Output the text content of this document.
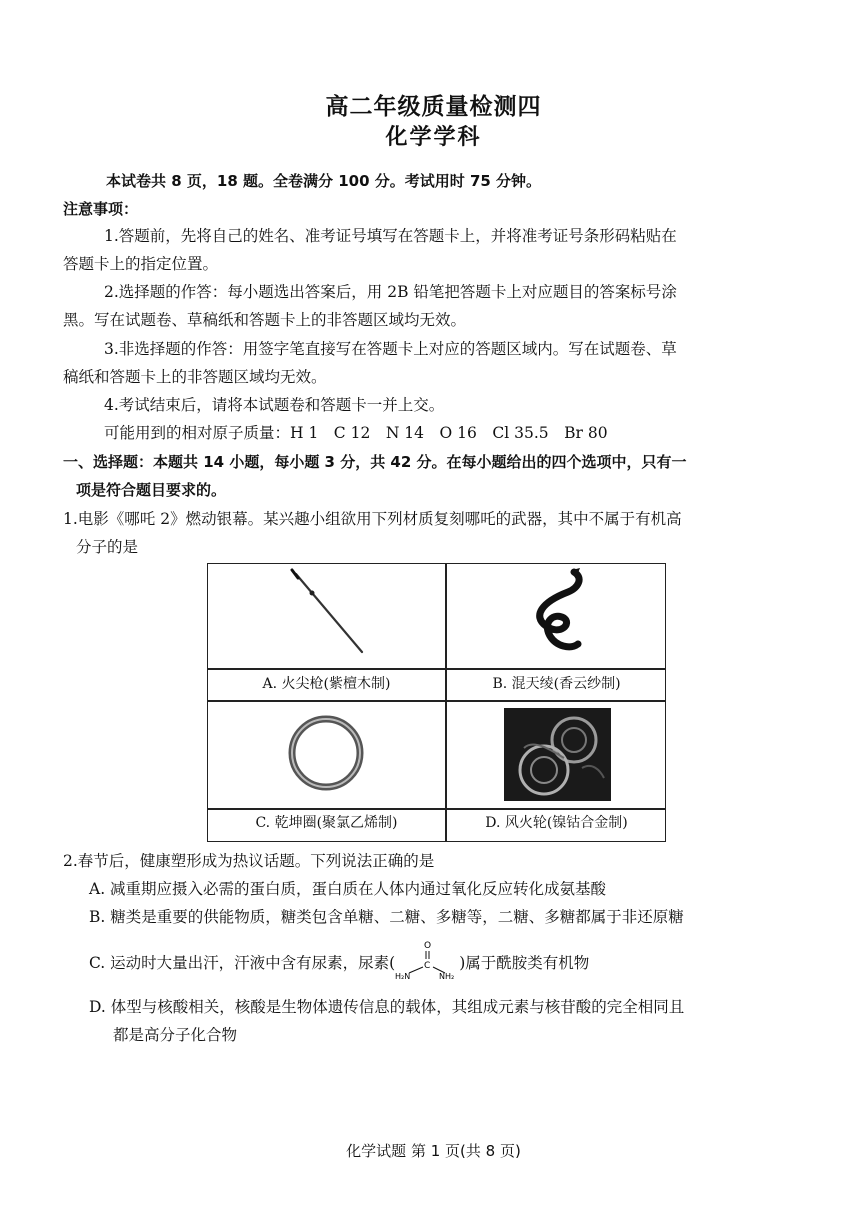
高二年级质量检测四
化学学科
本试卷共 8 页，18 题。全卷满分 100 分。考试用时 75 分钟。
注意事项：
1.答题前，先将自己的姓名、准考证号填写在答题卡上，并将准考证号条形码粘贴在
答题卡上的指定位置。
2.选择题的作答：每小题选出答案后，用 2B 铅笔把答题卡上对应题目的答案标号涂
黑。写在试题卷、草稿纸和答题卡上的非答题区域均无效。
3.非选择题的作答：用签字笔直接写在答题卡上对应的答题区域内。写在试题卷、草
稿纸和答题卡上的非答题区域均无效。
4.考试结束后，请将本试题卷和答题卡一并上交。
可能用到的相对原子质量：H 1　C 12　N 14　O 16　Cl 35.5　Br 80
一、选择题：本题共 14 小题，每小题 3 分，共 42 分。在每小题给出的四个选项中，只有一
项是符合题目要求的。
1.电影《哪吒 2》燃动银幕。某兴趣小组欲用下列材质复刻哪吒的武器，其中不属于有机高
分子的是
A. 火尖枪(紫檀木制)	B. 混天绫(香云纱制)
C. 乾坤圈(聚氯乙烯制)	D. 风火轮(镍钴合金制)
2.春节后，健康塑形成为热议话题。下列说法正确的是
A. 减重期应摄入必需的蛋白质，蛋白质在人体内通过氧化反应转化成氨基酸
B. 糖类是重要的供能物质，糖类包含单糖、二糖、多糖等，二糖、多糖都属于非还原糖
C. 运动时大量出汗，汗液中含有尿素，尿素(
O
C
H₂N	NH₂
)属于酰胺类有机物
D. 体型与核酸相关，核酸是生物体遗传信息的载体，其组成元素与核苷酸的完全相同且
都是高分子化合物
化学试题 第 1 页(共 8 页)
